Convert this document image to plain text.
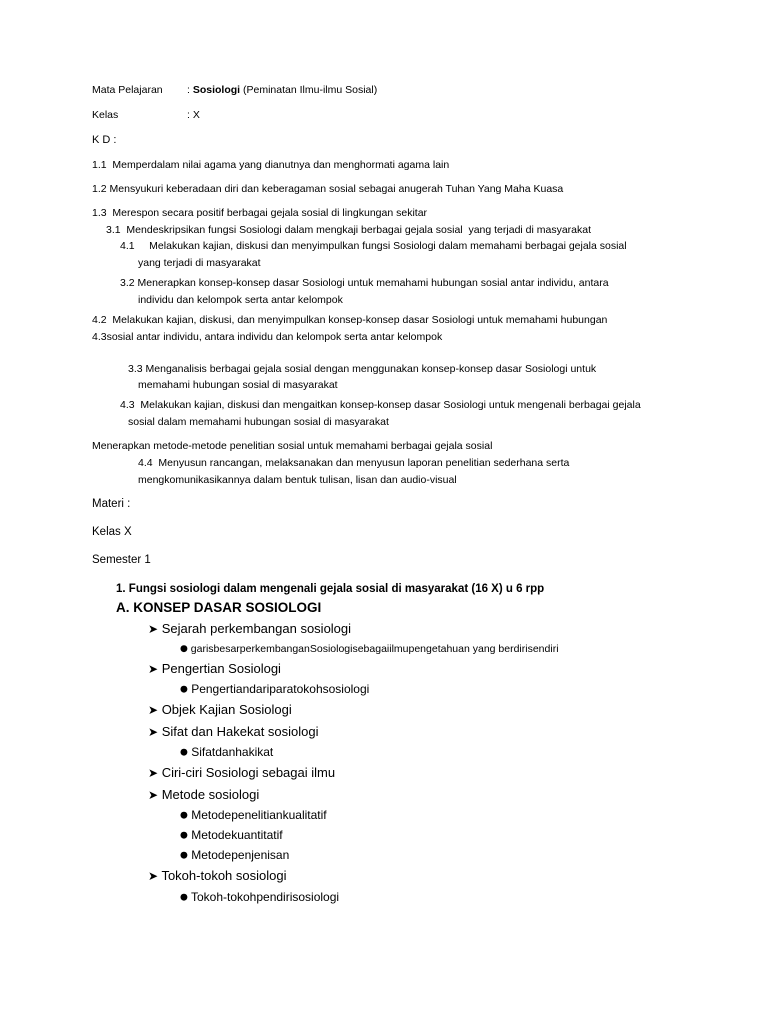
Mata Pelajaran : Sosiologi (Peminatan Ilmu-ilmu Sosial)
Kelas	: X
K D :
1.1  Memperdalam nilai agama yang dianutnya dan menghormati agama lain
1.2 Mensyukuri keberadaan diri dan keberagaman sosial sebagai anugerah Tuhan Yang Maha Kuasa
1.3  Merespon secara positif berbagai gejala sosial di lingkungan sekitar
3.1  Mendeskripsikan fungsi Sosiologi dalam mengkaji berbagai gejala sosial  yang terjadi di masyarakat
4.1     Melakukan kajian, diskusi dan menyimpulkan fungsi Sosiologi dalam memahami berbagai gejala sosial
yang terjadi di masyarakat
3.2 Menerapkan konsep-konsep dasar Sosiologi untuk memahami hubungan sosial antar individu, antara
individu dan kelompok serta antar kelompok
4.2  Melakukan kajian, diskusi, dan menyimpulkan konsep-konsep dasar Sosiologi untuk memahami hubungan
4.3sosial antar individu, antara individu dan kelompok serta antar kelompok
3.3 Menganalisis berbagai gejala sosial dengan menggunakan konsep-konsep dasar Sosiologi untuk
memahami hubungan sosial di masyarakat
4.3  Melakukan kajian, diskusi dan mengaitkan konsep-konsep dasar Sosiologi untuk mengenali berbagai gejala
sosial dalam memahami hubungan sosial di masyarakat
Menerapkan metode-metode penelitian sosial untuk memahami berbagai gejala sosial
4.4  Menyusun rancangan, melaksanakan dan menyusun laporan penelitian sederhana serta
mengkomunikasikannya dalam bentuk tulisan, lisan dan audio-visual
Materi :
Kelas X
Semester 1
1. Fungsi sosiologi dalam mengenali gejala sosial di masyarakat (16 X) u 6 rpp
A. KONSEP DASAR SOSIOLOGI
➤ Sejarah perkembangan sosiologi
● garisbesarperkembanganSosiologisebagaiilmupengetahuan yang berdirisendiri
➤ Pengertian Sosiologi
● Pengertiandariparatokohsosiologi
➤ Objek Kajian Sosiologi
➤ Sifat dan Hakekat sosiologi
● Sifatdanhakikat
➤ Ciri-ciri Sosiologi sebagai ilmu
➤ Metode sosiologi
● Metodepenelitiankualitatif
● Metodekuantitatif
● Metodepenjenisan
➤ Tokoh-tokoh sosiologi
● Tokoh-tokohpendirisosiologi
